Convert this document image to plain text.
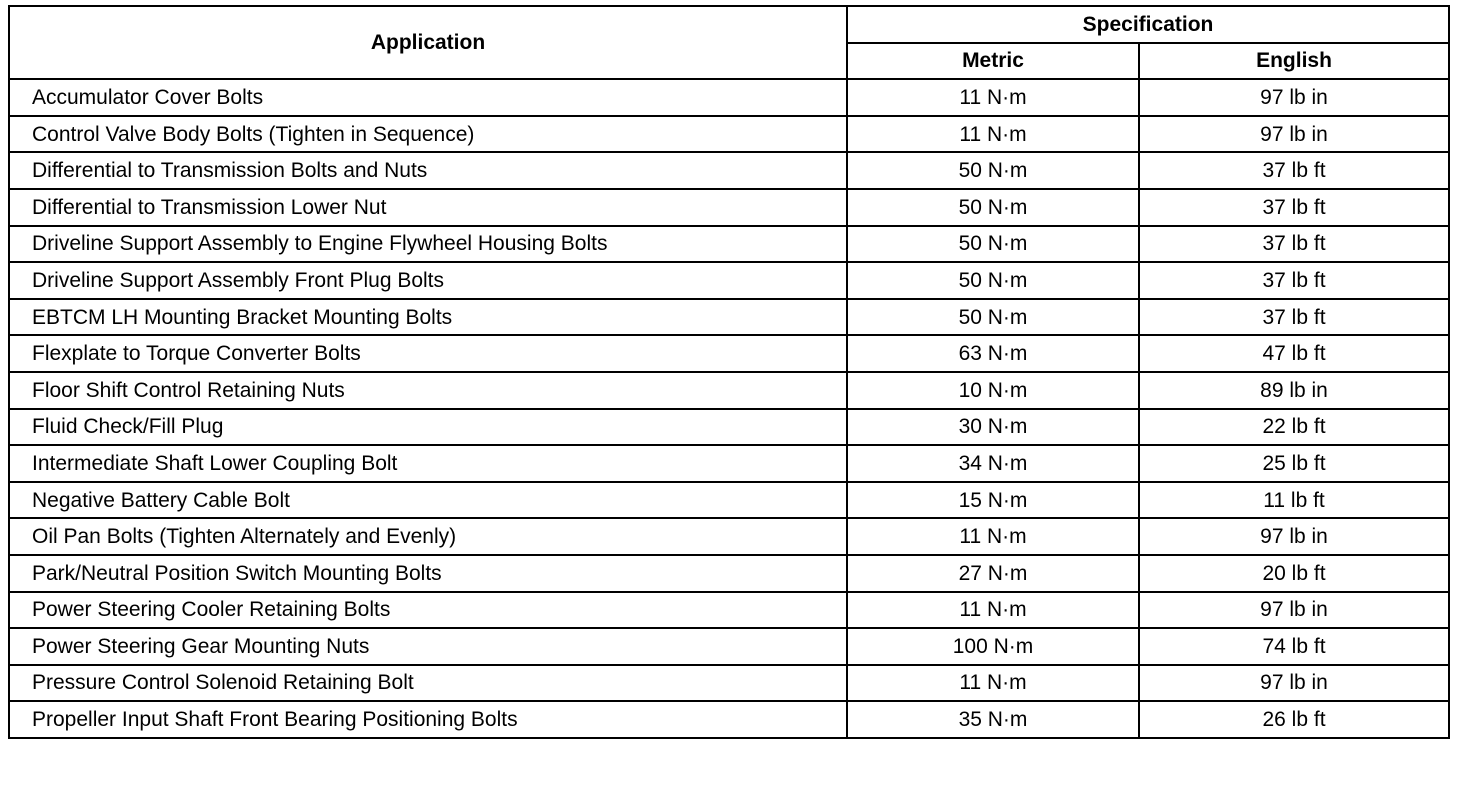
Application	Specification	
	Metric	English
Accumulator Cover Bolts	11 N·m	97 lb in
Control Valve Body Bolts (Tighten in Sequence)	11 N·m	97 lb in
Differential to Transmission Bolts and Nuts	50 N·m	37 lb ft
Differential to Transmission Lower Nut	50 N·m	37 lb ft
Driveline Support Assembly to Engine Flywheel Housing Bolts	50 N·m	37 lb ft
Driveline Support Assembly Front Plug Bolts	50 N·m	37 lb ft
EBTCM LH Mounting Bracket Mounting Bolts	50 N·m	37 lb ft
Flexplate to Torque Converter Bolts	63 N·m	47 lb ft
Floor Shift Control Retaining Nuts	10 N·m	89 lb in
Fluid Check/Fill Plug	30 N·m	22 lb ft
Intermediate Shaft Lower Coupling Bolt	34 N·m	25 lb ft
Negative Battery Cable Bolt	15 N·m	11 lb ft
Oil Pan Bolts (Tighten Alternately and Evenly)	11 N·m	97 lb in
Park/Neutral Position Switch Mounting Bolts	27 N·m	20 lb ft
Power Steering Cooler Retaining Bolts	11 N·m	97 lb in
Power Steering Gear Mounting Nuts	100 N·m	74 lb ft
Pressure Control Solenoid Retaining Bolt	11 N·m	97 lb in
Propeller Input Shaft Front Bearing Positioning Bolts	35 N·m	26 lb ft
